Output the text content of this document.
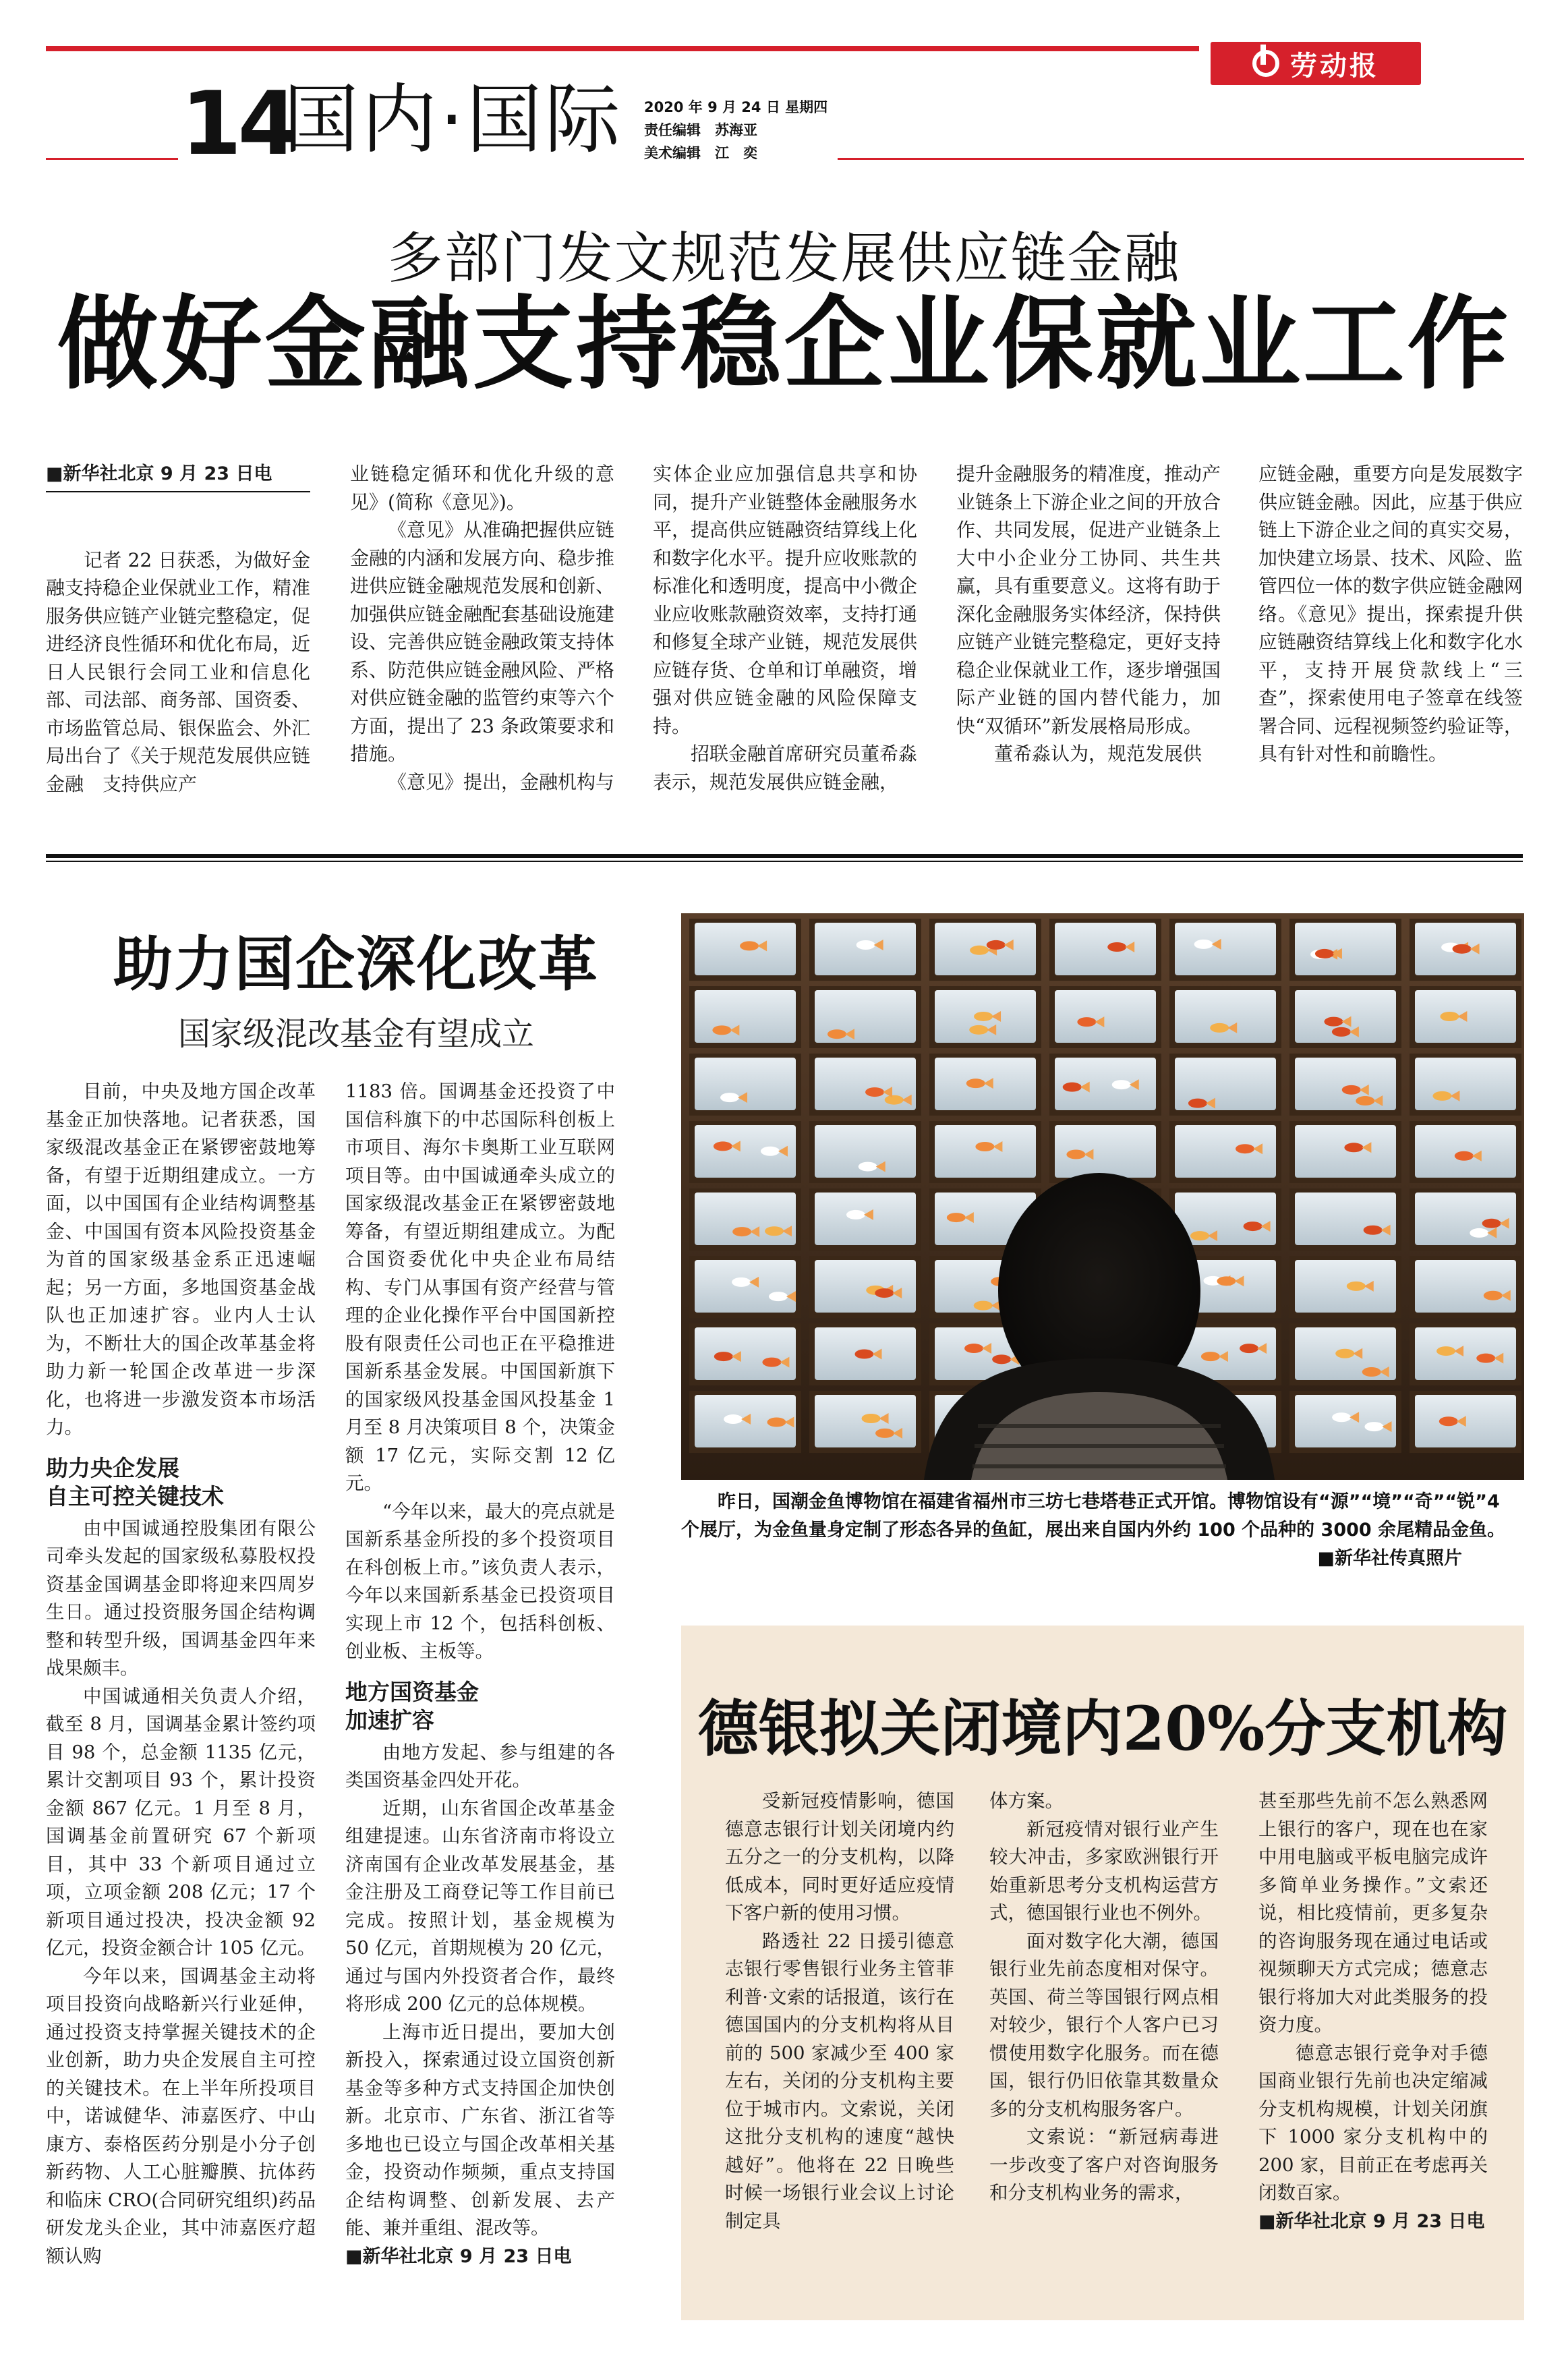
劳动报
14
国内·国际 2020 年 9 月 24 日 星期四
责任编辑　苏海亚
美术编辑　江　奕
多部门发文规范发展供应链金融
做好金融支持稳企业保就业工作
■新华社北京 9 月 23 日电

记者 22 日获悉，为做好金融支持稳企业保就业工作，精准服务供应链产业链完整稳定，促进经济良性循环和优化布局，近日人民银行会同工业和信息化部、司法部、商务部、国资委、市场监管总局、银保监会、外汇局出台了《关于规范发展供应链金融　支持供应产

业链稳定循环和优化升级的意见》(简称《意见》)。

《意见》从准确把握供应链金融的内涵和发展方向、稳步推进供应链金融规范发展和创新、加强供应链金融配套基础设施建设、完善供应链金融政策支持体系、防范供应链金融风险、严格对供应链金融的监管约束等六个方面，提出了 23 条政策要求和措施。

《意见》提出，金融机构与

实体企业应加强信息共享和协同，提升产业链整体金融服务水平，提高供应链融资结算线上化和数字化水平。提升应收账款的标准化和透明度，提高中小微企业应收账款融资效率，支持打通和修复全球产业链，规范发展供应链存货、仓单和订单融资，增强对供应链金融的风险保障支持。

招联金融首席研究员董希淼表示，规范发展供应链金融，

提升金融服务的精准度，推动产业链条上下游企业之间的开放合作、共同发展，促进产业链条上大中小企业分工协同、共生共赢，具有重要意义。这将有助于深化金融服务实体经济，保持供应链产业链完整稳定，更好支持稳企业保就业工作，逐步增强国际产业链的国内替代能力，加快“双循环”新发展格局形成。

董希淼认为，规范发展供

应链金融，重要方向是发展数字供应链金融。因此，应基于供应链上下游企业之间的真实交易，加快建立场景、技术、风险、监管四位一体的数字供应链金融网络。《意见》提出，探索提升供应链融资结算线上化和数字化水平，支持开展贷款线上“三查”，探索使用电子签章在线签署合同、远程视频签约验证等，具有针对性和前瞻性。

助力国企深化改革
国家级混改基金有望成立

目前，中央及地方国企改革基金正加快落地。记者获悉，国家级混改基金正在紧锣密鼓地筹备，有望于近期组建成立。一方面，以中国国有企业结构调整基金、中国国有资本风险投资基金为首的国家级基金系正迅速崛起；另一方面，多地国资基金战队也正加速扩容。业内人士认为，不断壮大的国企改革基金将助力新一轮国企改革进一步深化，也将进一步激发资本市场活力。

助力央企发展

自主可控关键技术

由中国诚通控股集团有限公司牵头发起的国家级私募股权投资基金国调基金即将迎来四周岁生日。通过投资服务国企结构调整和转型升级，国调基金四年来战果颇丰。

中国诚通相关负责人介绍，截至 8 月，国调基金累计签约项目 98 个，总金额 1135 亿元，累计交割项目 93 个，累计投资金额 867 亿元。1 月至 8 月，国调基金前置研究 67 个新项目，其中 33 个新项目通过立项，立项金额 208 亿元；17 个新项目通过投决，投决金额 92 亿元，投资金额合计 105 亿元。

今年以来，国调基金主动将项目投资向战略新兴行业延伸，通过投资支持掌握关键技术的企业创新，助力央企发展自主可控的关键技术。在上半年所投项目中，诺诚健华、沛嘉医疗、中山康方、泰格医药分别是小分子创新药物、人工心脏瓣膜、抗体药和临床 CRO(合同研究组织)药品研发龙头企业，其中沛嘉医疗超额认购

1183 倍。国调基金还投资了中国信科旗下的中芯国际科创板上市项目、海尔卡奥斯工业互联网项目等。由中国诚通牵头成立的国家级混改基金正在紧锣密鼓地筹备，有望近期组建成立。为配合国资委优化中央企业布局结构、专门从事国有资产经营与管理的企业化操作平台中国国新控股有限责任公司也正在平稳推进国新系基金发展。中国国新旗下的国家级风投基金国风投基金 1 月至 8 月决策项目 8 个，决策金额 17 亿元，实际交割 12 亿元。

“今年以来，最大的亮点就是国新系基金所投的多个投资项目在科创板上市。”该负责人表示，今年以来国新系基金已投资项目实现上市 12 个，包括科创板、创业板、主板等。

地方国资基金

加速扩容

由地方发起、参与组建的各类国资基金四处开花。

近期，山东省国企改革基金组建提速。山东省济南市将设立济南国有企业改革发展基金，基金注册及工商登记等工作目前已完成。按照计划，基金规模为 50 亿元，首期规模为 20 亿元，通过与国内外投资者合作，最终将形成 200 亿元的总体规模。

上海市近日提出，要加大创新投入，探索通过设立国资创新基金等多种方式支持国企加快创新。北京市、广东省、浙江省等多地也已设立与国企改革相关基金，投资动作频频，重点支持国企结构调整、创新发展、去产能、兼并重组、混改等。

■新华社北京 9 月 23 日电

昨日，国潮金鱼博物馆在福建省福州市三坊七巷塔巷正式开馆。博物馆设有“源”“境”“奇”“锐”4 个展厅，为金鱼量身定制了形态各异的鱼缸，展出来自国内外约 100 个品种的 3000 余尾精品金鱼。
■新华社传真照片
德银拟关闭境内20%分支机构

受新冠疫情影响，德国德意志银行计划关闭境内约五分之一的分支机构，以降低成本，同时更好适应疫情下客户新的使用习惯。

路透社 22 日援引德意志银行零售银行业务主管菲利普·文索的话报道，该行在德国国内的分支机构将从目前的 500 家减少至 400 家左右，关闭的分支机构主要位于城市内。文索说，关闭这批分支机构的速度“越快越好”。他将在 22 日晚些时候一场银行业会议上讨论制定具

体方案。

新冠疫情对银行业产生较大冲击，多家欧洲银行开始重新思考分支机构运营方式，德国银行业也不例外。

面对数字化大潮，德国银行业先前态度相对保守。英国、荷兰等国银行网点相对较少，银行个人客户已习惯使用数字化服务。而在德国，银行仍旧依靠其数量众多的分支机构服务客户。

文索说：“新冠病毒进一步改变了客户对咨询服务和分支机构业务的需求，

甚至那些先前不怎么熟悉网上银行的客户，现在也在家中用电脑或平板电脑完成许多简单业务操作。”文索还说，相比疫情前，更多复杂的咨询服务现在通过电话或视频聊天方式完成；德意志银行将加大对此类服务的投资力度。

德意志银行竞争对手德国商业银行先前也决定缩减分支机构规模，计划关闭旗下 1000 家分支机构中的 200 家，目前正在考虑再关闭数百家。

■新华社北京 9 月 23 日电
